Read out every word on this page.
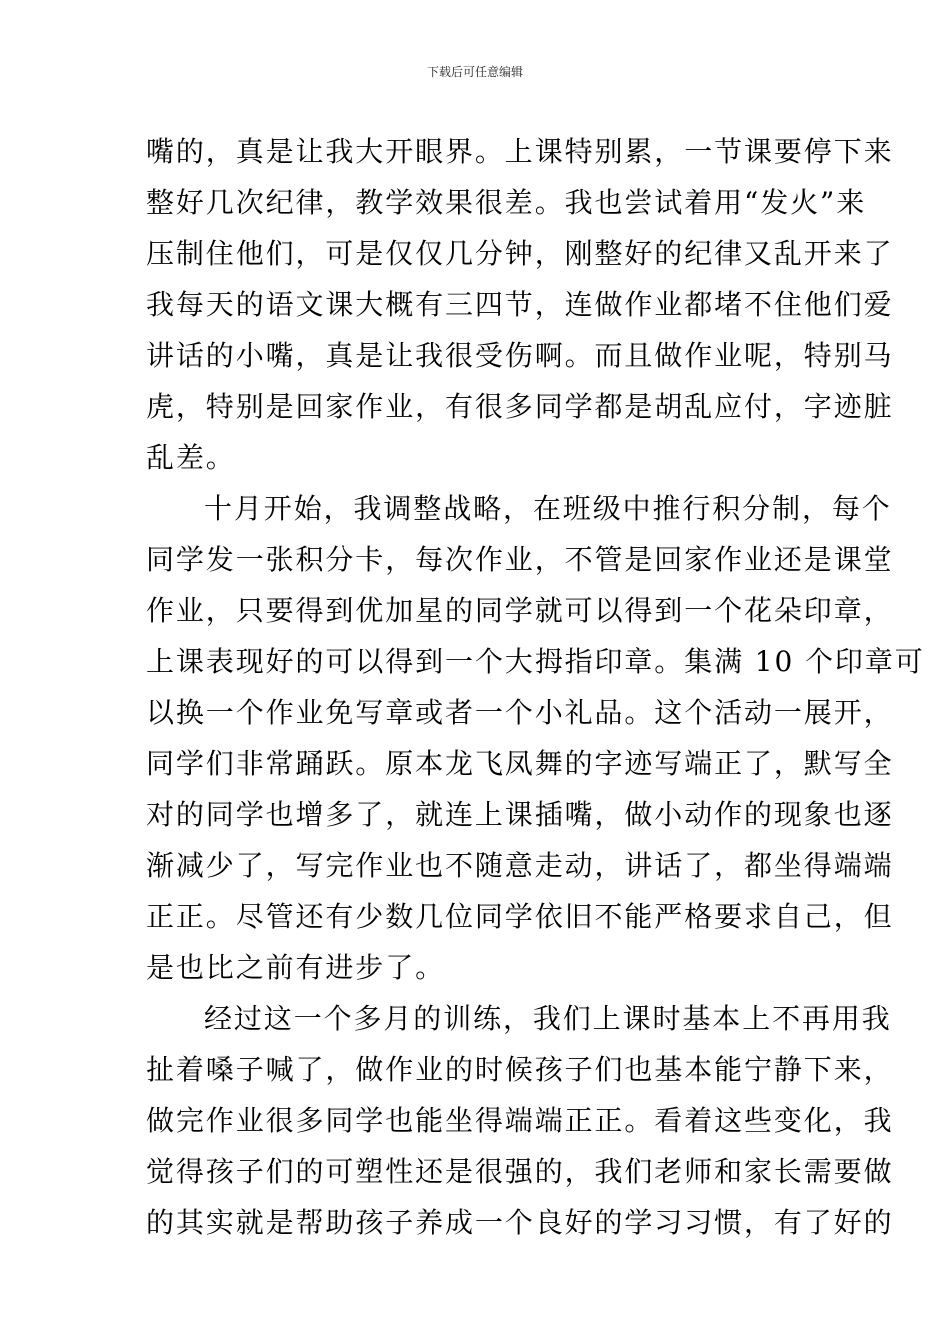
下载后可任意编辑
嘴的，真是让我大开眼界。上课特别累，一节课要停下来
整好几次纪律，教学效果很差。我也尝试着用“发火”来
压制住他们，可是仅仅几分钟，刚整好的纪律又乱开来了
我每天的语文课大概有三四节，连做作业都堵不住他们爱
讲话的小嘴，真是让我很受伤啊。而且做作业呢，特别马
虎，特别是回家作业，有很多同学都是胡乱应付，字迹脏
乱差。
十月开始，我调整战略，在班级中推行积分制，每个
同学发一张积分卡，每次作业，不管是回家作业还是课堂
作业，只要得到优加星的同学就可以得到一个花朵印章，
上课表现好的可以得到一个大拇指印章。集满 10 个印章可
以换一个作业免写章或者一个小礼品。这个活动一展开，
同学们非常踊跃。原本龙飞凤舞的字迹写端正了，默写全
对的同学也增多了，就连上课插嘴，做小动作的现象也逐
渐减少了，写完作业也不随意走动，讲话了，都坐得端端
正正。尽管还有少数几位同学依旧不能严格要求自己，但
是也比之前有进步了。
经过这一个多月的训练，我们上课时基本上不再用我
扯着嗓子喊了，做作业的时候孩子们也基本能宁静下来，
做完作业很多同学也能坐得端端正正。看着这些变化，我
觉得孩子们的可塑性还是很强的，我们老师和家长需要做
的其实就是帮助孩子养成一个良好的学习习惯，有了好的
